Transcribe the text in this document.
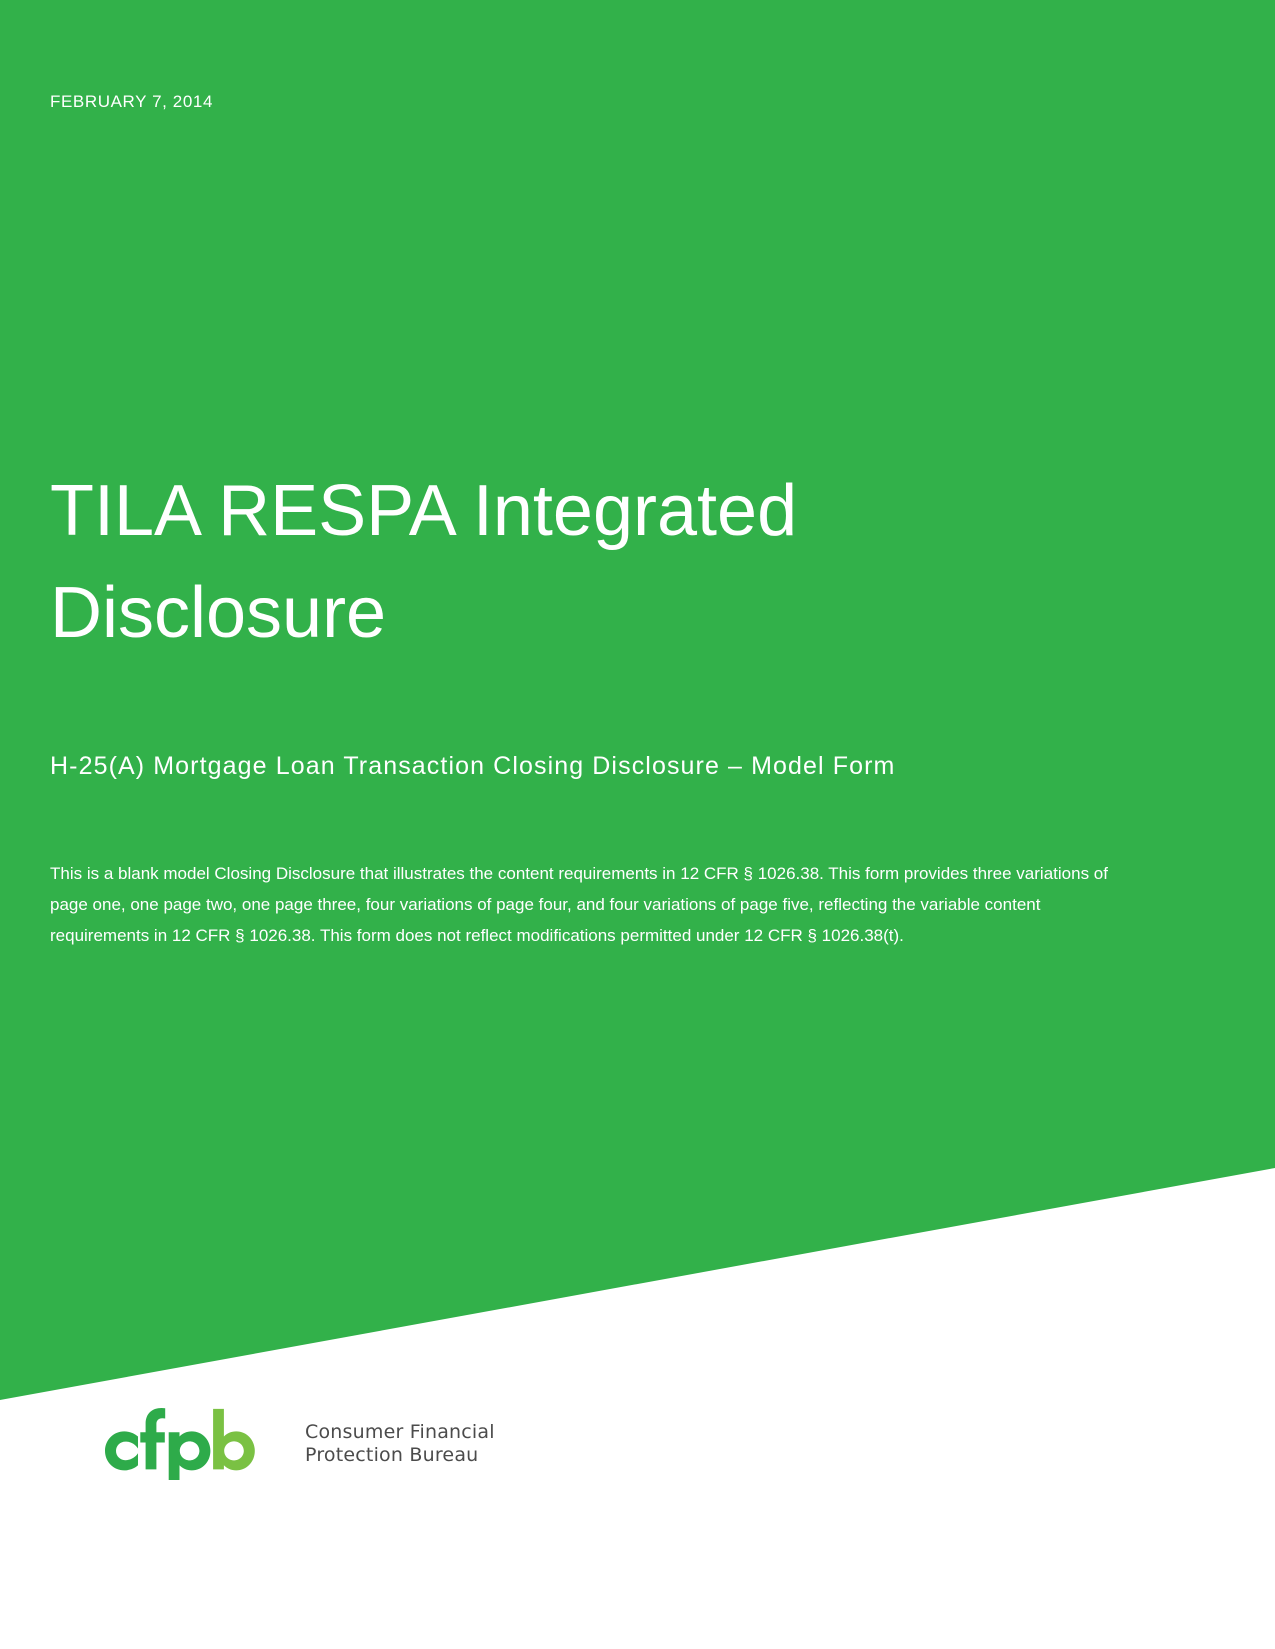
FEBRUARY 7, 2014
TILA RESPA Integrated
Disclosure
H-25(A) Mortgage Loan Transaction Closing Disclosure – Model Form

This is a blank model Closing Disclosure that illustrates the content requirements in 12 CFR § 1026.38. This form provides three variations of page one, one page two, one page three, four variations of page four, and four variations of page five, reflecting the variable content requirements in 12 CFR § 1026.38. This form does not reflect modifications permitted under 12 CFR § 1026.38(t).

Consumer Financial
Protection Bureau
